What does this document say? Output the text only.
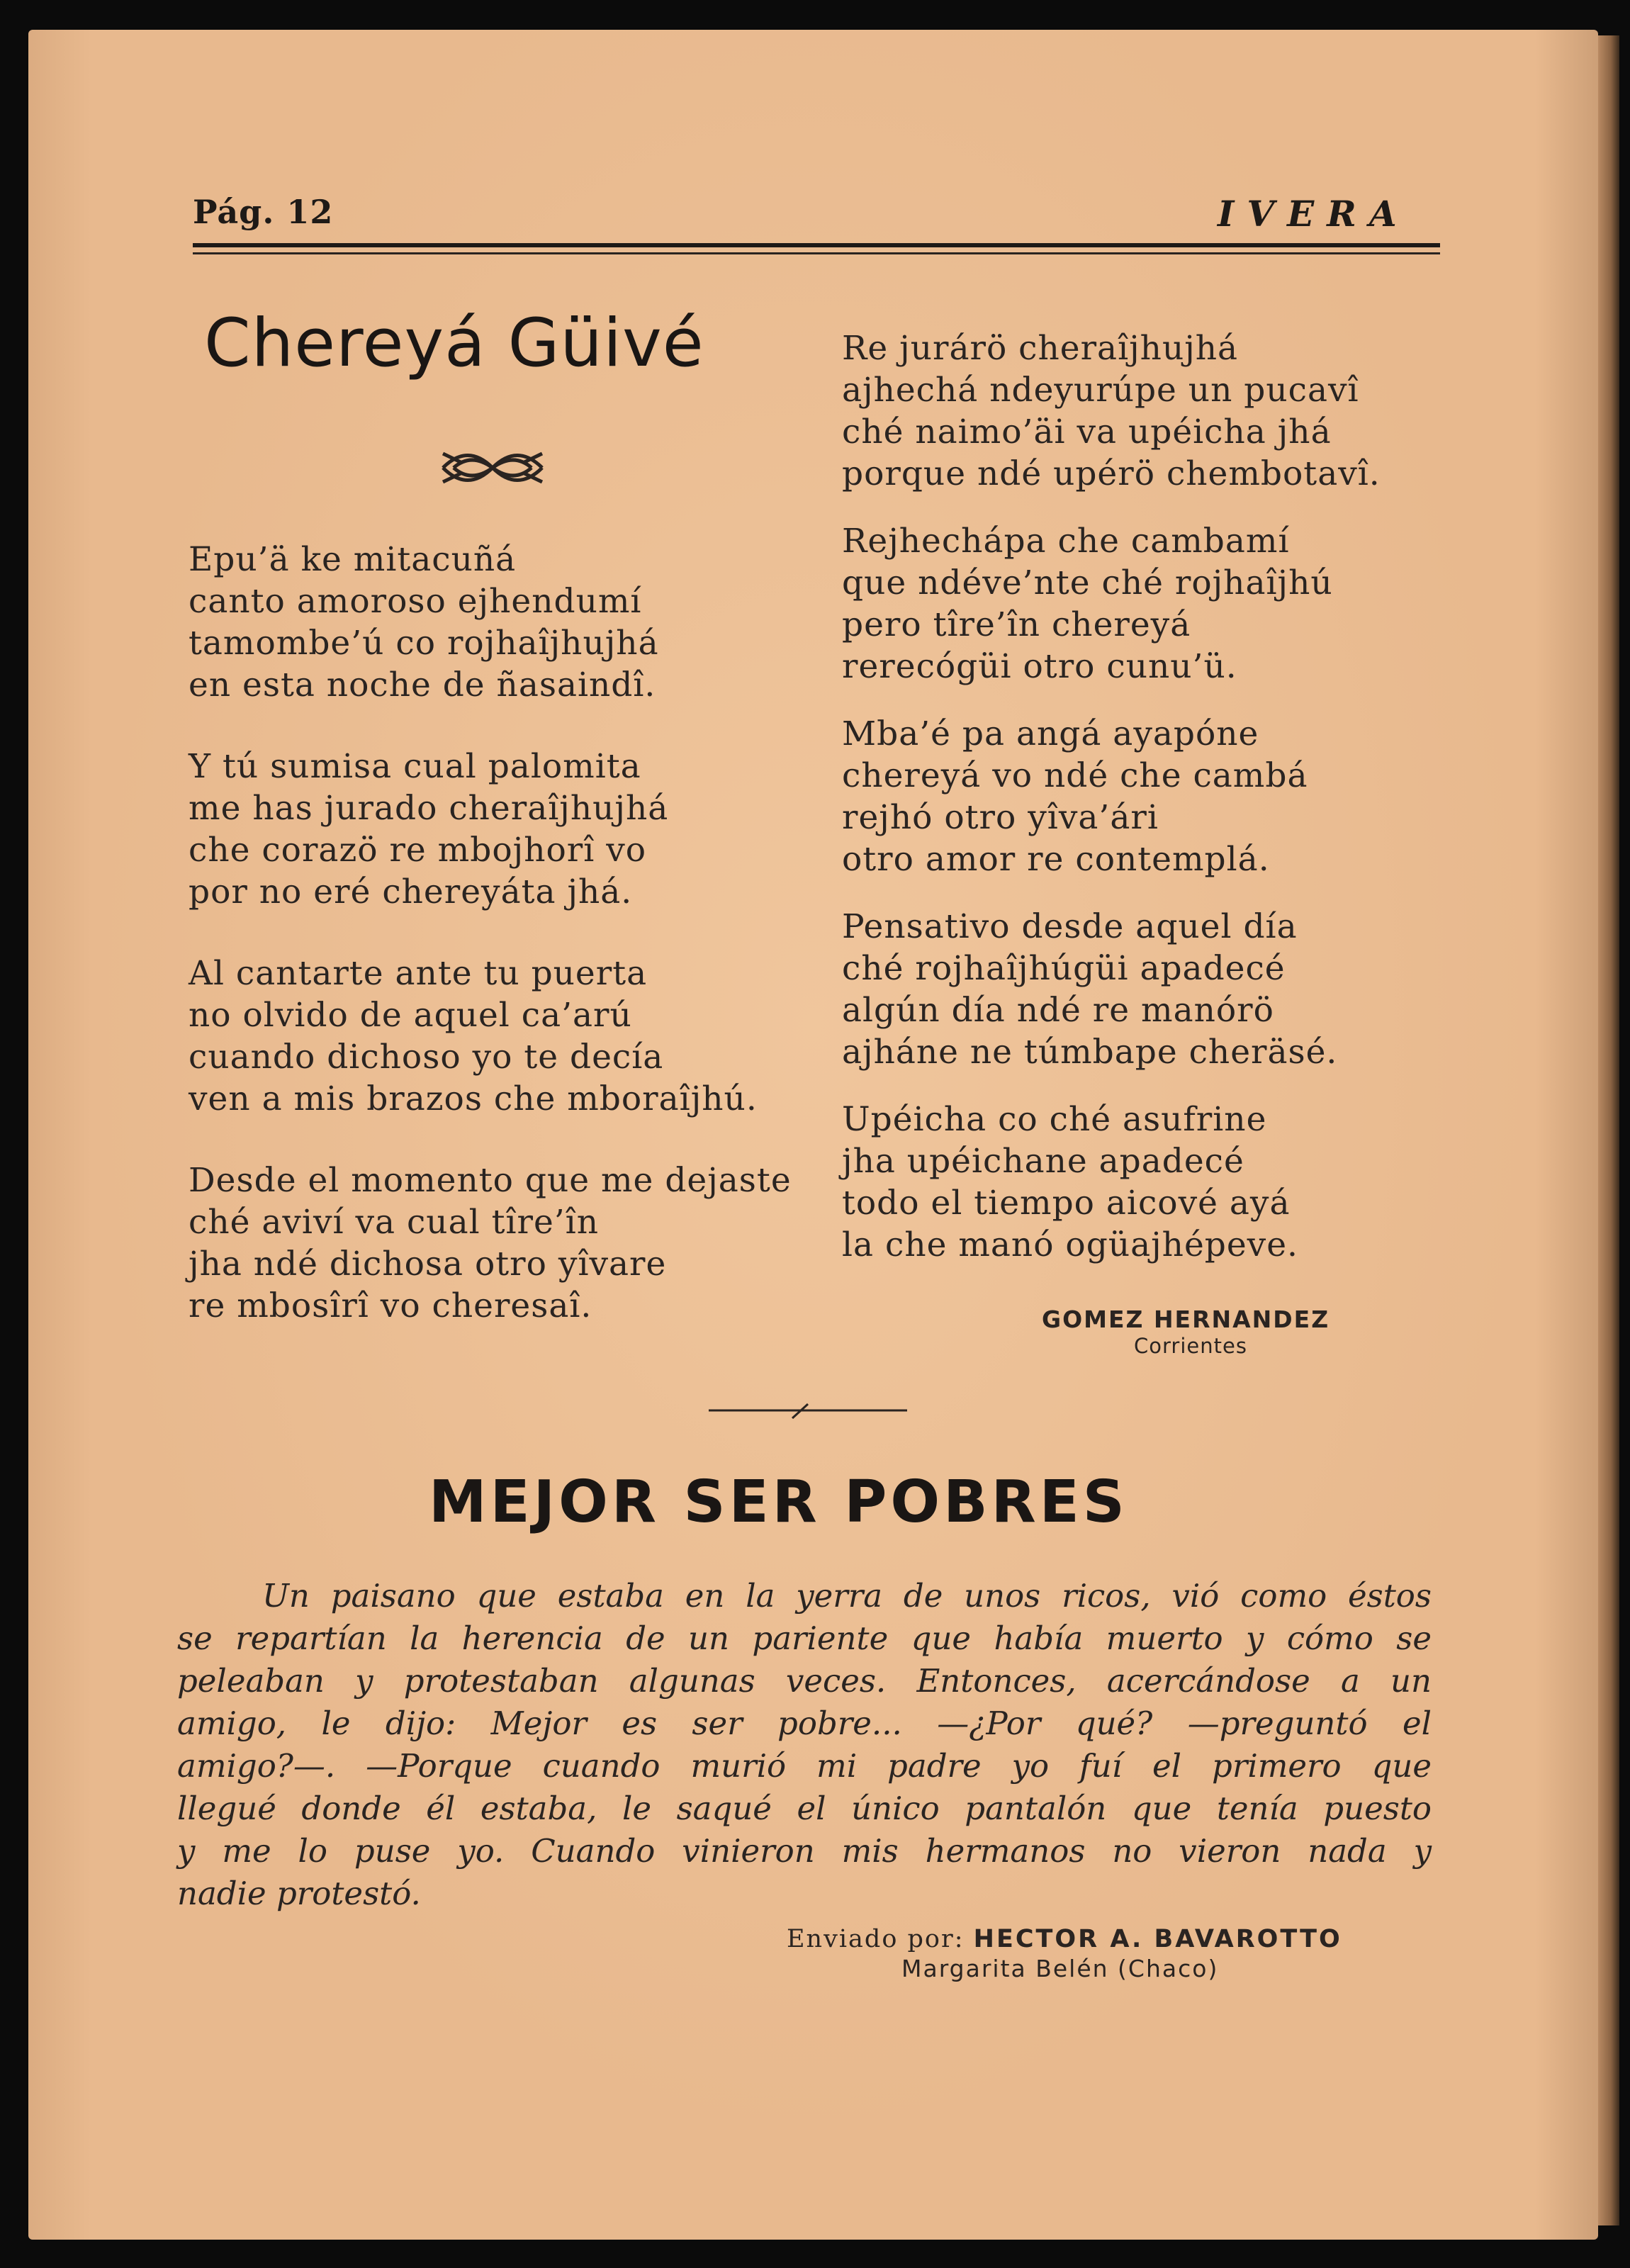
Pág. 12	IVERA
Chereyá Güivé
Epu’ä ke mitacuñá
canto amoroso ejhendumí
tamombe’ú co rojhaîjhujhá
en esta noche de ñasaindî.
Y tú sumisa cual palomita
me has jurado cheraîjhujhá
che corazö re mbojhorî vo
por no eré chereyáta jhá.
Al cantarte ante tu puerta
no olvido de aquel ca’arú
cuando dichoso yo te decía
ven a mis brazos che mboraîjhú.
Desde el momento que me dejaste
ché aviví va cual tîre’în
jha ndé dichosa otro yîvare
re mbosîrî vo cheresaî.
Re jurárö cheraîjhujhá
ajhechá ndeyurúpe un pucavî
ché naimo’äi va upéicha jhá
porque ndé upérö chembotavî.
Rejhechápa che cambamí
que ndéve’nte ché rojhaîjhú
pero tîre’în chereyá
rerecógüi otro cunu’ü.
Mba’é pa angá ayapóne
chereyá vo ndé che cambá
rejhó otro yîva’ári
otro amor re contemplá.
Pensativo desde aquel día
ché rojhaîjhúgüi apadecé
algún día ndé re manórö
ajháne ne túmbape cheräsé.
Upéicha co ché asufrine
jha upéichane apadecé
todo el tiempo aicové ayá
la che manó ogüajhépeve.
GOMEZ HERNANDEZ
Corrientes
MEJOR SER POBRES
Un paisano que estaba en la yerra de unos ricos, vió como éstos
se repartían la herencia de un pariente que había muerto y cómo se
peleaban y protestaban algunas veces. Entonces, acercándose a un
amigo, le dijo: Mejor es ser pobre... —¿Por qué? —preguntó el
amigo?—. —Porque cuando murió mi padre yo fuí el primero que
llegué donde él estaba, le saqué el único pantalón que tenía puesto
y me lo puse yo. Cuando vinieron mis hermanos no vieron nada y
nadie protestó.
Enviado por: HECTOR A. BAVAROTTO
Margarita Belén (Chaco)
